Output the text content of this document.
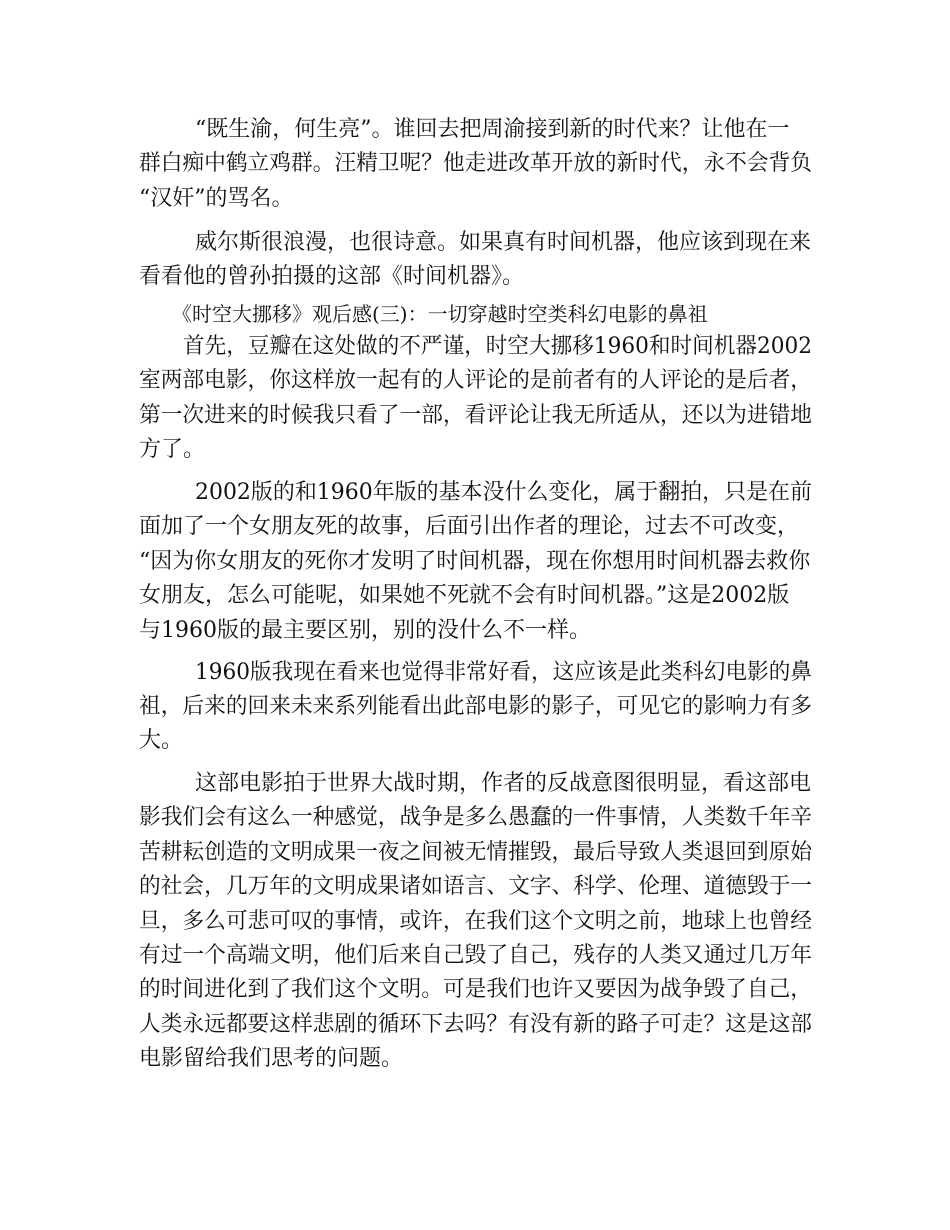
“既生渝，何生亮”。谁回去把周渝接到新的时代来？让他在一
群白痴中鹤立鸡群。汪精卫呢？他走进改革开放的新时代，永不会背负
“汉奸”的骂名。
威尔斯很浪漫，也很诗意。如果真有时间机器，他应该到现在来
看看他的曾孙拍摄的这部《时间机器》。
《时空大挪移》观后感(三)：一切穿越时空类科幻电影的鼻祖
首先，豆瓣在这处做的不严谨，时空大挪移1960和时间机器2002
室两部电影，你这样放一起有的人评论的是前者有的人评论的是后者，
第一次进来的时候我只看了一部，看评论让我无所适从，还以为进错地
方了。
2002版的和1960年版的基本没什么变化，属于翻拍，只是在前
面加了一个女朋友死的故事，后面引出作者的理论，过去不可改变，
“因为你女朋友的死你才发明了时间机器，现在你想用时间机器去救你
女朋友，怎么可能呢，如果她不死就不会有时间机器。”这是2002版
与1960版的最主要区别，别的没什么不一样。
1960版我现在看来也觉得非常好看，这应该是此类科幻电影的鼻
祖，后来的回来未来系列能看出此部电影的影子，可见它的影响力有多
大。
这部电影拍于世界大战时期，作者的反战意图很明显，看这部电
影我们会有这么一种感觉，战争是多么愚蠢的一件事情，人类数千年辛
苦耕耘创造的文明成果一夜之间被无情摧毁，最后导致人类退回到原始
的社会，几万年的文明成果诸如语言、文字、科学、伦理、道德毁于一
旦，多么可悲可叹的事情，或许，在我们这个文明之前，地球上也曾经
有过一个高端文明，他们后来自己毁了自己，残存的人类又通过几万年
的时间进化到了我们这个文明。可是我们也许又要因为战争毁了自己，
人类永远都要这样悲剧的循环下去吗？有没有新的路子可走？这是这部
电影留给我们思考的问题。
